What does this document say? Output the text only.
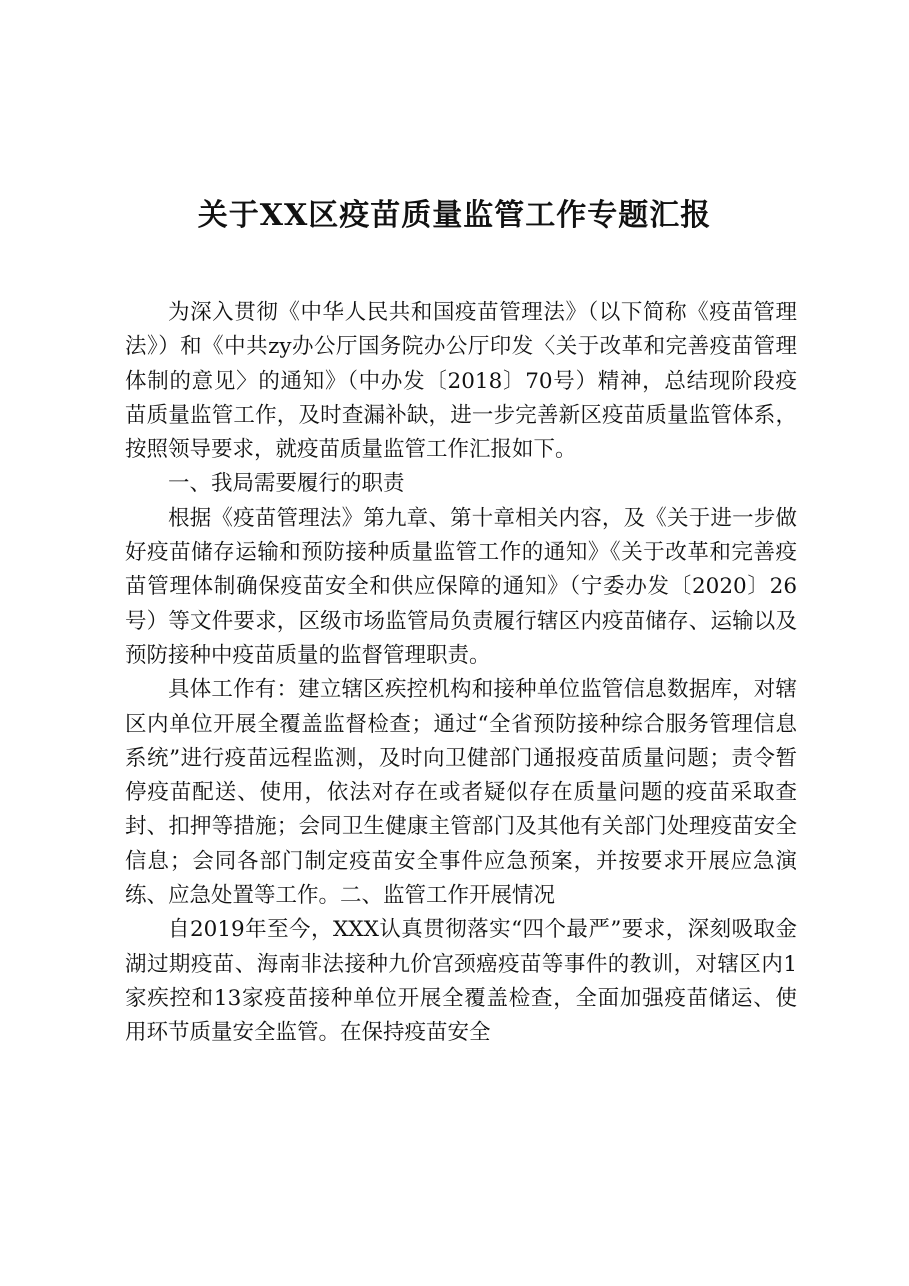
关于XX区疫苗质量监管工作专题汇报

为深入贯彻《中华人民共和国疫苗管理法》（以下简称《疫苗管理法》）和《中共zy办公厅国务院办公厅印发〈关于改革和完善疫苗管理体制的意见〉的通知》（中办发〔2018〕70号）精神，总结现阶段疫苗质量监管工作，及时查漏补缺，进一步完善新区疫苗质量监管体系，按照领导要求，就疫苗质量监管工作汇报如下。

一、我局需要履行的职责

根据《疫苗管理法》第九章、第十章相关内容，及《关于进一步做好疫苗储存运输和预防接种质量监管工作的通知》《关于改革和完善疫苗管理体制确保疫苗安全和供应保障的通知》（宁委办发〔2020〕26号）等文件要求，区级市场监管局负责履行辖区内疫苗储存、运输以及预防接种中疫苗质量的监督管理职责。

具体工作有：建立辖区疾控机构和接种单位监管信息数据库，对辖区内单位开展全覆盖监督检查；通过“全省预防接种综合服务管理信息系统”进行疫苗远程监测，及时向卫健部门通报疫苗质量问题；责令暂停疫苗配送、使用，依法对存在或者疑似存在质量问题的疫苗采取查封、扣押等措施；会同卫生健康主管部门及其他有关部门处理疫苗安全信息；会同各部门制定疫苗安全事件应急预案，并按要求开展应急演练、应急处置等工作。二、监管工作开展情况

自2019年至今，XXX认真贯彻落实“四个最严”要求，深刻吸取金湖过期疫苗、海南非法接种九价宫颈癌疫苗等事件的教训，对辖区内1家疾控和13家疫苗接种单位开展全覆盖检查，全面加强疫苗储运、使用环节质量安全监管。在保持疫苗安全
